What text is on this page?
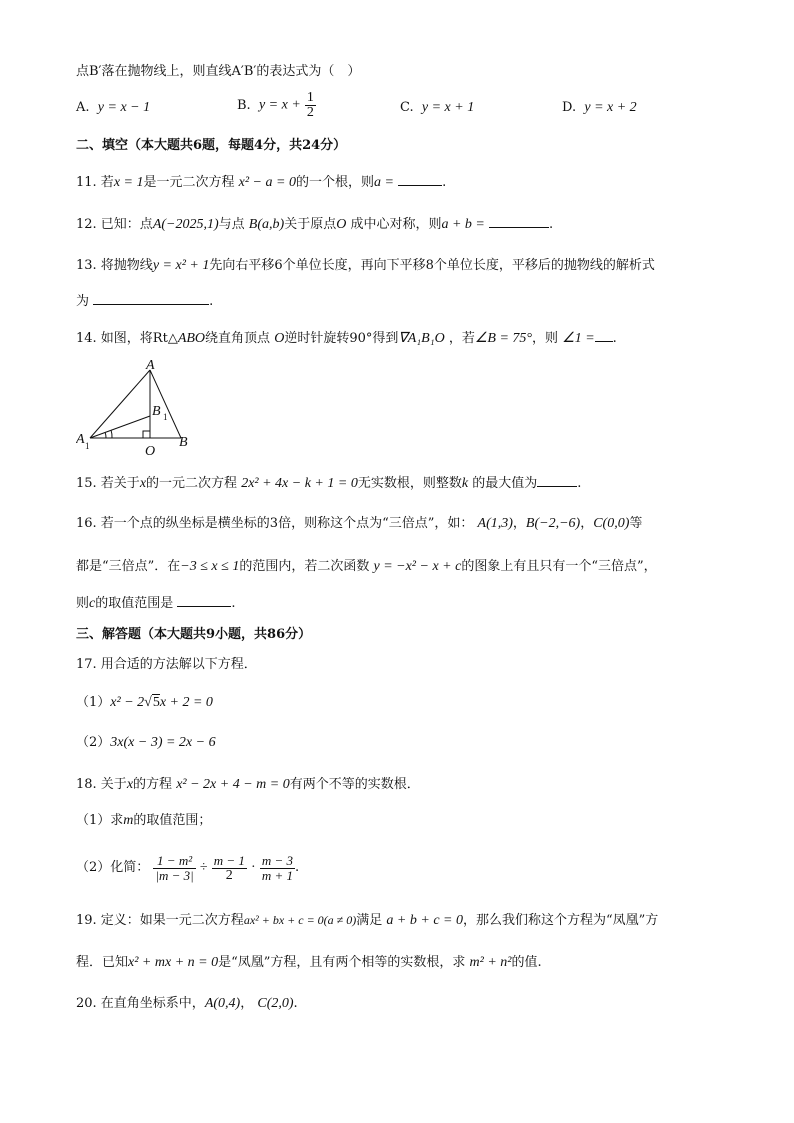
点B′落在抛物线上，则直线A′B′的表达式为（　）
A. y = x − 1	B. $y = x + \frac{1}{2}$	C. y = x + 1	D. y = x + 2
二、填空（本大题共6题，每题4分，共24分）
11. 若x = 1是一元二次方程 x² − a = 0的一个根，则a =	.
12. 已知：点A(−2025,1)与点 B(a,b)关于原点O 成中心对称，则a + b =	.
13. 将抛物线y = x² + 1先向右平移6个单位长度，再向下平移8个单位长度，平移后的抛物线的解析式
为	.
14. 如图，将Rt△ABO绕直角顶点 O逆时针旋转90°得到∇A₁B₁O ，若∠B = 75°，则 ∠1 = .
A
B 1
A 1	O
B
15. 若关于x的一元二次方程 2x² + 4x − k + 1 = 0无实数根，则整数k 的最大值为	.
16. 若一个点的纵坐标是横坐标的3倍，则称这个点为“三倍点”，如： A(1,3)，B(−2,−6)，C(0,0)等
都是“三倍点”．在−3 ≤ x ≤ 1的范围内，若二次函数 y = −x² − x + c的图象上有且只有一个“三倍点”，
则c的取值范围是	.
三、解答题（本大题共9小题，共86分）
17. 用合适的方法解以下方程．
（1）x² − 2√5x + 2 = 0
（2）3x(x − 3) = 2x − 6
18. 关于x的方程 x² − 2x + 4 − m = 0有两个不等的实数根．
（1）求m的取值范围；
（2）化简： $\frac{\text{1 − m²}}{|m - 3|} \div \frac{m - 1}{2} \cdot \frac{m - 3}{m + 1}$ .
19. 定义：如果一元二次方程ax² + bx + c = 0(a ≠ 0)满足 a + b + c = 0，那么我们称这个方程为“凤凰”方
程．已知x² + mx + n = 0是“凤凰”方程，且有两个相等的实数根，求 m² + n²的值.
20. 在直角坐标系中，A(0,4)， C(2,0).
